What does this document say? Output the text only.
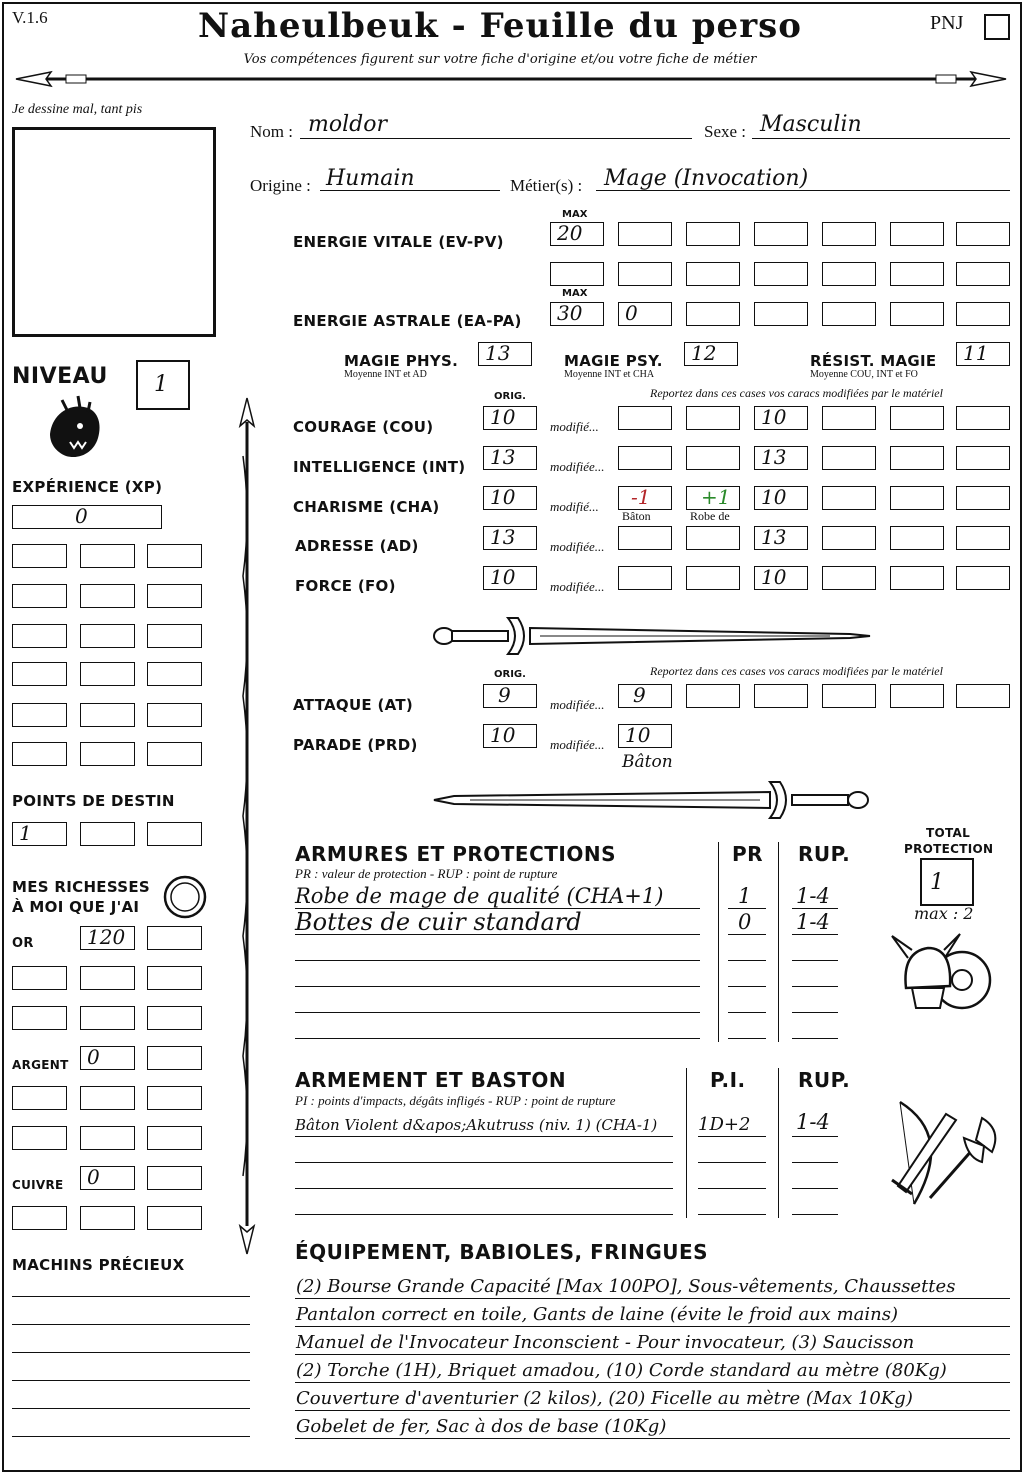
V.1.6	Naheulbeuk - Feuille du perso
Vos compétences figurent sur votre fiche d'origine et/ou votre fiche de métier
PNJ
Je dessine mal, tant pis
Nom : moldor	Sexe : Masculin
Origine : Humain	Métier(s) : Mage (Invocation)
MAX
ENERGIE VITALE (EV-PV)	20
MAX
ENERGIE ASTRALE (EA-PA) 30 0
MAGIE PHYS.
Moyenne INT et AD
13	MAGIE PSY.
Moyenne INT et CHA
12	RÉSIST. MAGIE
Moyenne COU, INT et FO
11
NIVEAU 1
EXPÉRIENCE (XP)
0
POINTS DE DESTIN
1
MES RICHESSES
À MOI QUE J'AI
OR	120
ARGENT 0
CUIVRE 0
MACHINS PRÉCIEUX
ORIG.	Reportez dans ces cases vos caracs modifiées par le matériel
COURAGE (COU)	10	modifié...	10
INTELLIGENCE (INT) 13	modifiée...	13
CHARISME (CHA)	10	modifié... -1	+1 10
Bâton	Robe de
ADRESSE (AD)	13	modifiée...	13
FORCE (FO)	10	modifiée...	10
ORIG.	Reportez dans ces cases vos caracs modifiées par le matériel
ATTAQUE (AT)	9	modifiée... 9
PARADE (PRD)	10	modifiée... 10
Bâton
ARMURES ET PROTECTIONS
PR : valeur de protection - RUP : point de rupture
PR RUP.
Robe de mage de qualité (CHA+1)	1 1-4
Bottes de cuir standard	0 1-4
TOTAL
PROTECTION
1
max : 2
ARMEMENT ET BASTON
PI : points d'impacts, dégâts infligés - RUP : point de rupture
P.I.	RUP.
Bâton Violent d&apos;Akutruss (niv. 1) (CHA-1) 1D+2 1-4
ÉQUIPEMENT, BABIOLES, FRINGUES
(2) Bourse Grande Capacité [Max 100PO], Sous-vêtements, Chaussettes
Pantalon correct en toile, Gants de laine (évite le froid aux mains)
Manuel de l'Invocateur Inconscient - Pour invocateur, (3) Saucisson
(2) Torche (1H), Briquet amadou, (10) Corde standard au mètre (80Kg)
Couverture d'aventurier (2 kilos), (20) Ficelle au mètre (Max 10Kg)
Gobelet de fer, Sac à dos de base (10Kg)
